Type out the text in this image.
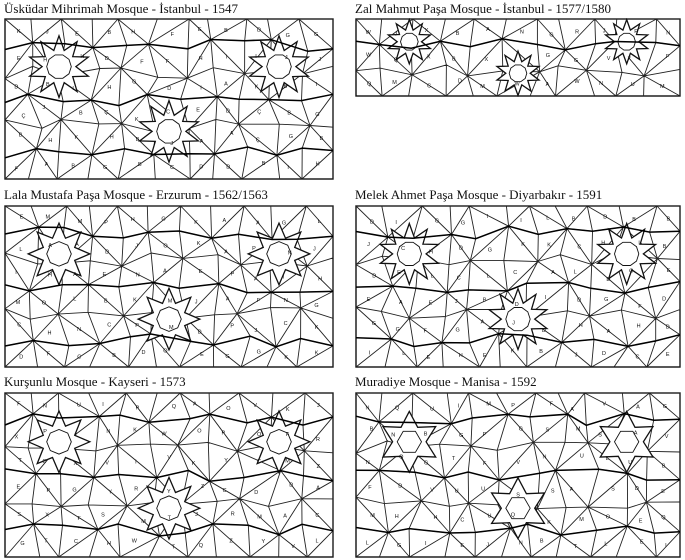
Üsküdar Mihrimah Mosque - İstanbul - 1547
K	J	E	B	H	F
E	B	D
G	G
E	H
H	D
F	F	H	I	I	J	J
D	B
I	H
G
D	I
A
K	B	I
Ç
J
B	Ç
K
C	E	D	Ç	B	G
B
H	K	H	B
J	A
A
Ç
G	B
F
A	B	G	B	C	D	D
B
I
H
Zal Mahmut Paşa Mosque - İstanbul - 1577/1580
W	J
X	B
A	N	G	R	J	P	N
W
Q
X	B	X
I	G
G	V	X	F
Q	M
C
D
M	W	A	W	N	U	M
Lala Mustafa Paşa Mosque - Erzurum - 1562/1563
E	M
M	P	H	G
K	A	A	G	L
L
A	A
D
J	O	K
A
P
N
J
I	H	A	E	N
A	E	P
A	I	H
M	O
L	B	K	M	J	A	F	N
G
C
H
N
C	P	M
D
P
J
C
K
D	F	C	B
D	O
E	G
G
K
K
Melek Ahmet Paşa Mosque - Diyarbakır - 1591
D	I	G	G
I
I	L	B	D	B	B
J
C
H
D	G
K	K	C
H	L
B
D
E
L	C	L
C	A	L
D
G	E
E	A	E	J	B
D
I	D	G
F
D
G
G	F	G
A	J
D
H
A
H	D
I	L
E	H	E
K	B
J	D
C	E
Kurşunlu Mosque - Kayseri - 1573
F	N	U	I
P	Q	A
O	V
K
J
X
P
L
N	K
W
O	P	O	F
R
T	C	X	V	I
V
K
Y	C	M
Z
E
P	G	Y
R	Y
Z
C	D
D	A
S	X
F
S
M
T
J	R
M	A	C
G	T	C	H	W
T	Q
Z	Y
V
L
Muradiye Mosque - Manisa - 1592
N	Q	U	I	M	P	F
A
V
A	G
B
N	B	G	P
G	S	M
S	A
V
N
Q
G
T
F	V
N	U	L
U
B
F	D
V	U	U
S
S	A	S	D
E
M	H	H	C
U	Q
K	M	O
E
Q
L	G	I	E	J	N	B
T	L	E
I
